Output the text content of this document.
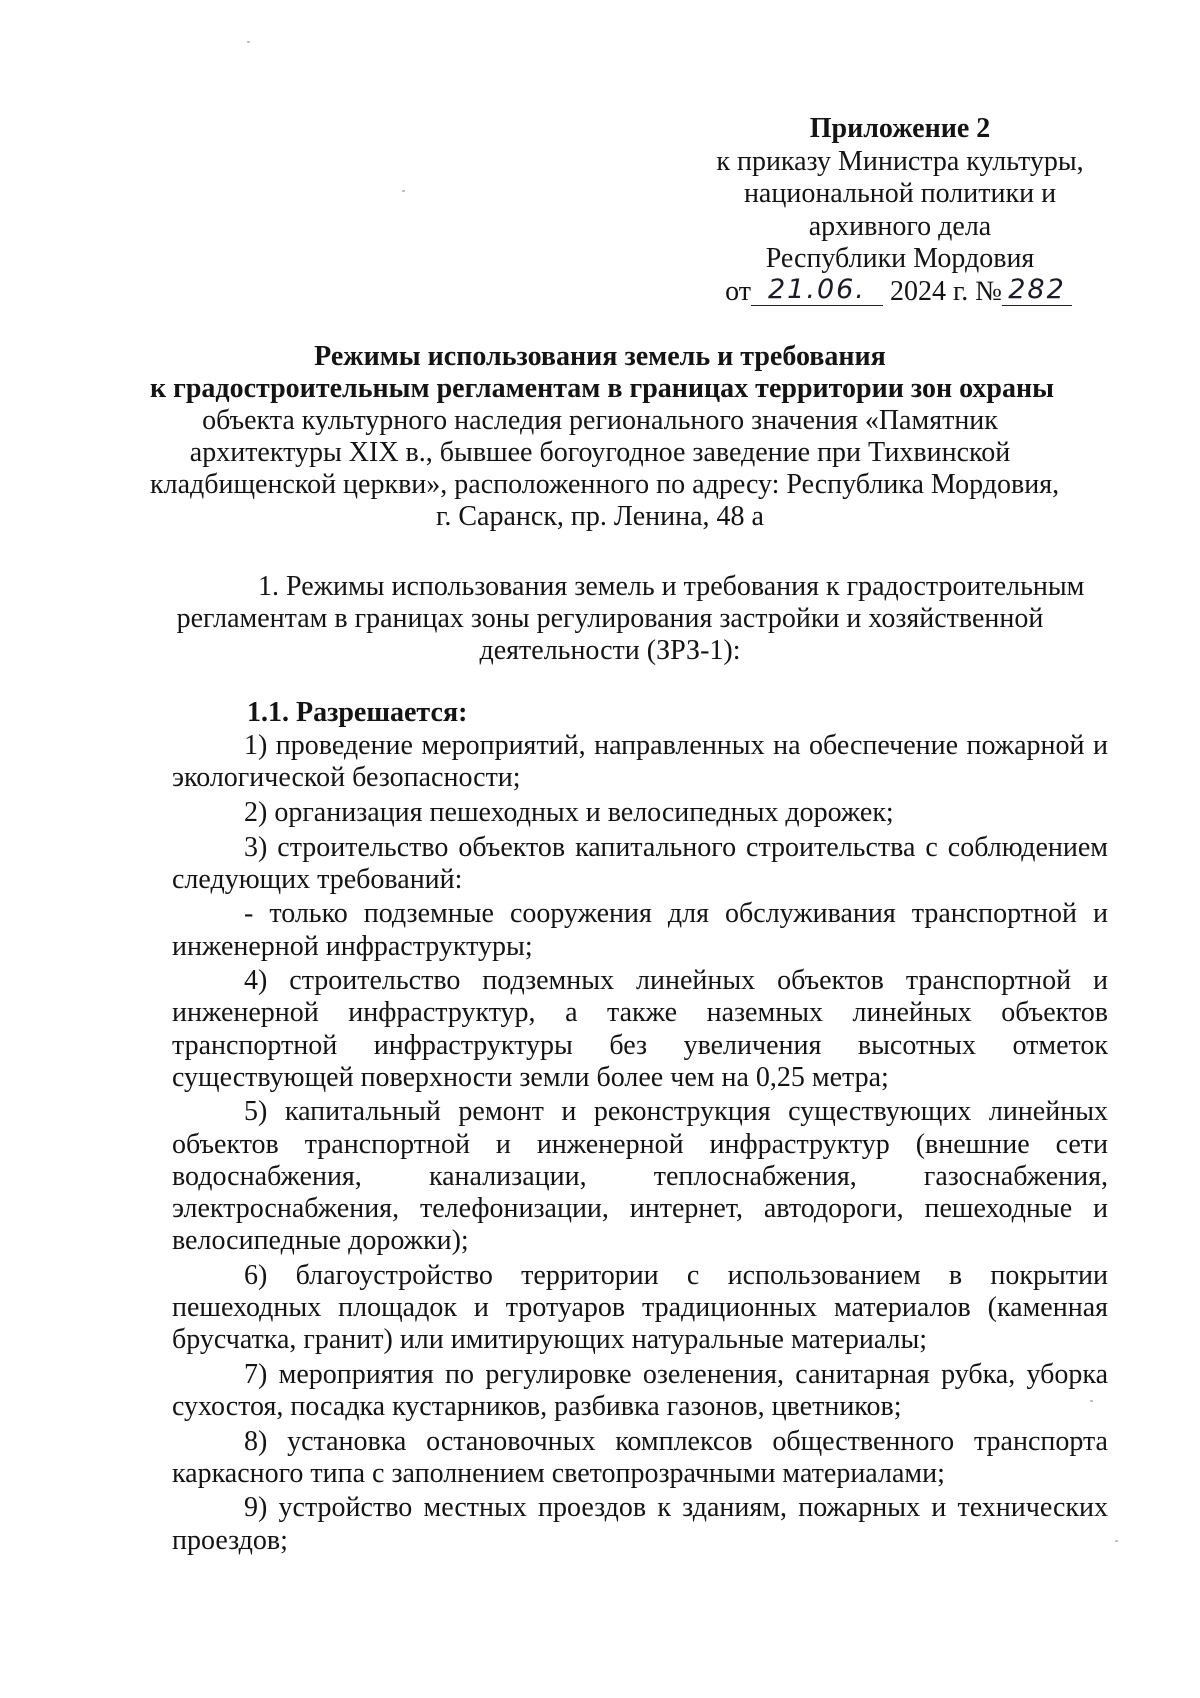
Приложение 2
к приказу Министра культуры,
национальной политики и
архивного дела
Республики Мордовия
от 21.06. 2024 г. № 282
Режимы использования земель и требования
к градостроительным регламентам в границах территории зон охраны
объекта культурного наследия регионального значения «Памятник
архитектуры XIX в., бывшее богоугодное заведение при Тихвинской
кладбищенской церкви», расположенного по адресу: Республика Мордовия,
г. Саранск, пр. Ленина, 48 а
1. Режимы использования земель и требования к градостроительным
регламентам в границах зоны регулирования застройки и хозяйственной
деятельности (ЗРЗ-1):
1.1. Разрешается:

1) проведение мероприятий, направленных на обеспечение пожарной и экологической безопасности;

2) организация пешеходных и велосипедных дорожек;

3) строительство объектов капитального строительства с соблюдением следующих требований:

- только подземные сооружения для обслуживания транспортной и инженерной инфраструктуры;

4) строительство подземных линейных объектов транспортной и инженерной инфраструктур, а также наземных линейных объектов транспортной инфраструктуры без увеличения высотных отметок существующей поверхности земли более чем на 0,25 метра;

5) капитальный ремонт и реконструкция существующих линейных объектов транспортной и инженерной инфраструктур (внешние сети водоснабжения, канализации, теплоснабжения, газоснабжения, электроснабжения, телефонизации, интернет, автодороги, пешеходные и велосипедные дорожки);

6) благоустройство территории с использованием в покрытии пешеходных площадок и тротуаров традиционных материалов (каменная брусчатка, гранит) или имитирующих натуральные материалы;

7) мероприятия по регулировке озеленения, санитарная рубка, уборка сухостоя, посадка кустарников, разбивка газонов, цветников;

8) установка остановочных комплексов общественного транспорта каркасного типа с заполнением светопрозрачными материалами;

9) устройство местных проездов к зданиям, пожарных и технических проездов;
